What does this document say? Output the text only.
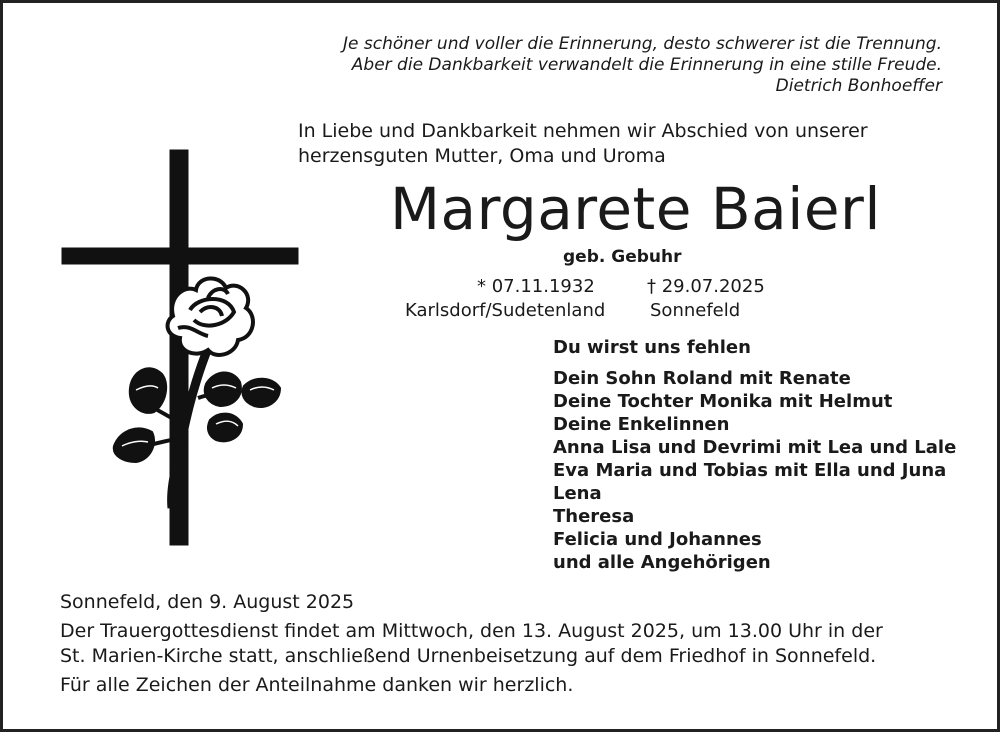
Je schöner und voller die Erinnerung, desto schwerer ist die Trennung.
Aber die Dankbarkeit verwandelt die Erinnerung in eine stille Freude.
Dietrich Bonhoeffer
In Liebe und Dankbarkeit nehmen wir Abschied von unserer
herzensguten Mutter, Oma und Uroma
Margarete Baierl
geb. Gebuhr
* 07.11.1932	† 29.07.2025
Karlsdorf/Sudetenland Sonnefeld
Du wirst uns fehlen
Dein Sohn Roland mit Renate
Deine Tochter Monika mit Helmut
Deine Enkelinnen
Anna Lisa und Devrimi mit Lea und Lale
Eva Maria und Tobias mit Ella und Juna
Lena
Theresa
Felicia und Johannes
und alle Angehörigen
Sonnefeld, den 9. August 2025
Der Trauergottesdienst findet am Mittwoch, den 13. August 2025, um 13.00 Uhr in der
St. Marien-Kirche statt, anschließend Urnenbeisetzung auf dem Friedhof in Sonnefeld.
Für alle Zeichen der Anteilnahme danken wir herzlich.
